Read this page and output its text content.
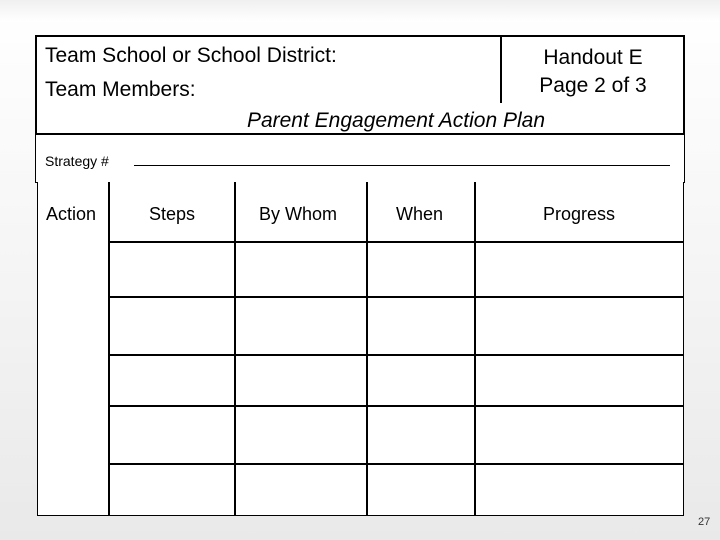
Team School or School District:
Team Members:
Handout E
Page 2 of 3
Parent Engagement Action Plan
Strategy #
Action	Steps	By Whom	When	Progress
27
